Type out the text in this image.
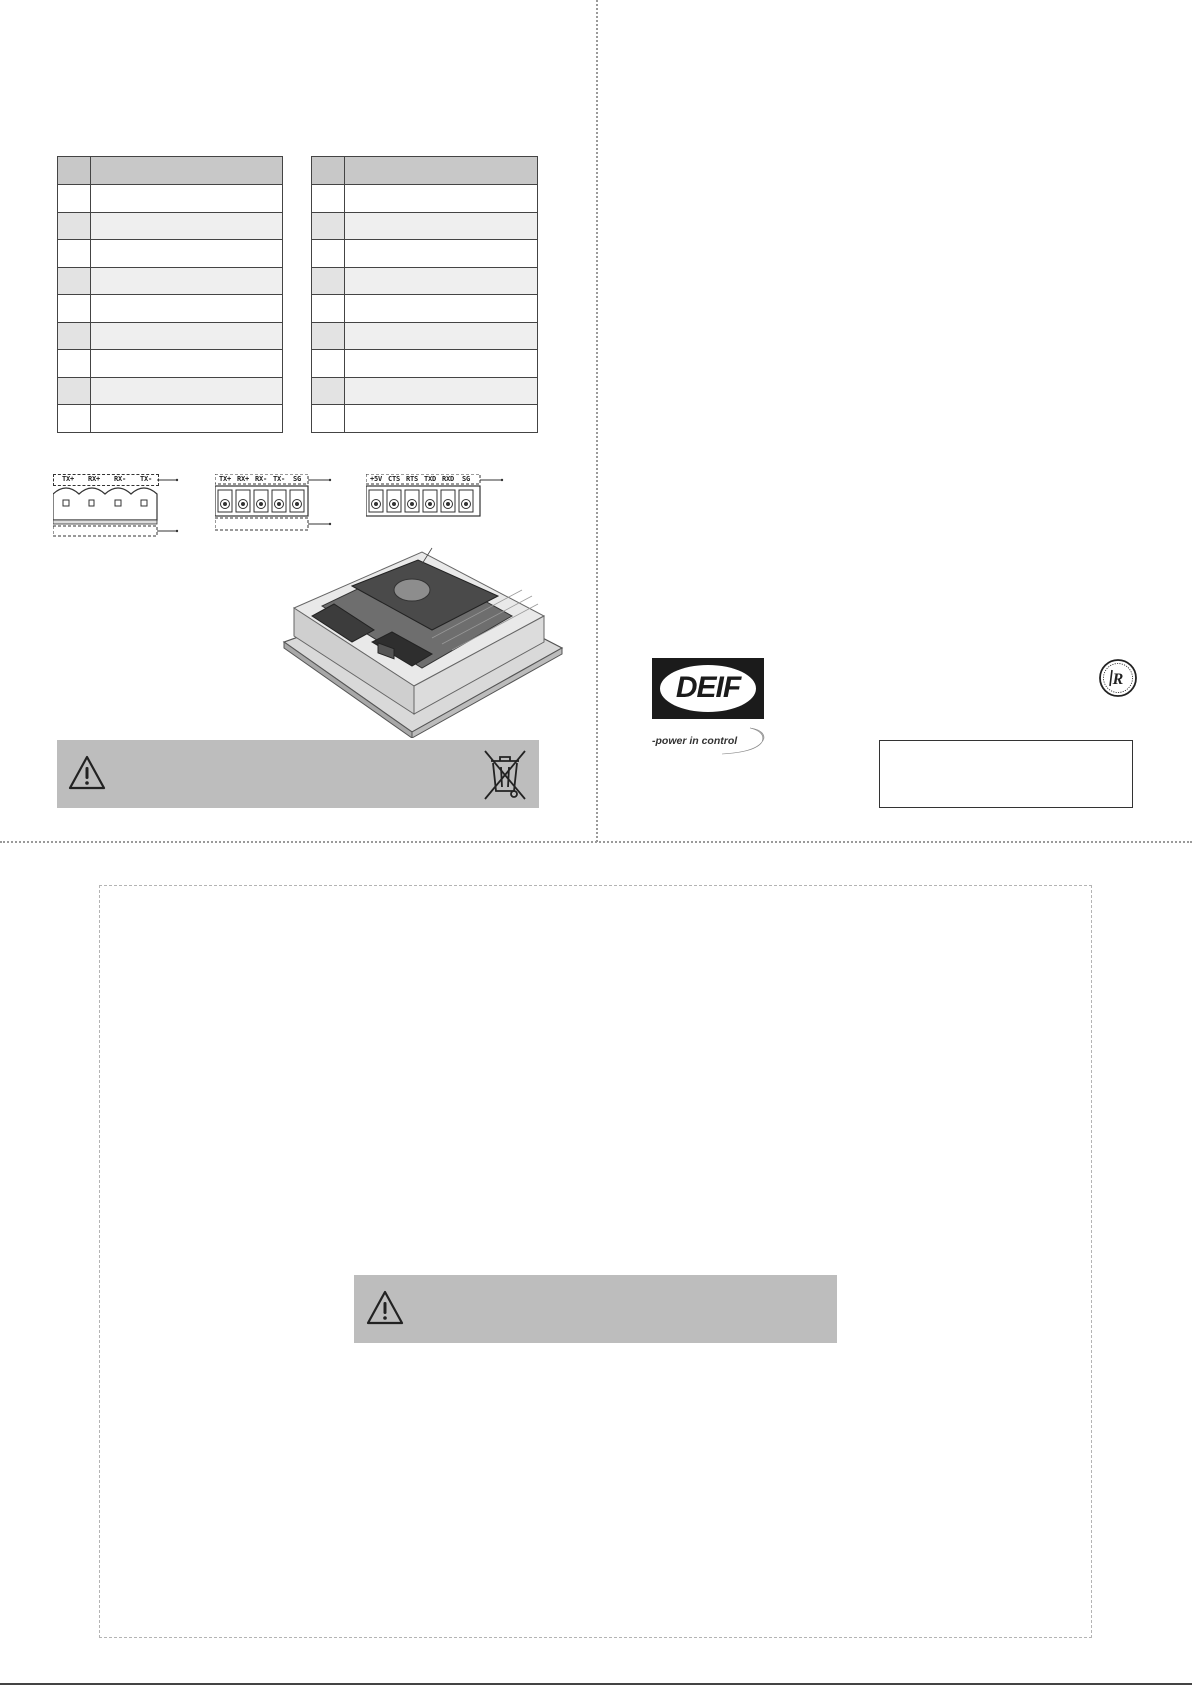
TX+	RX+	RX-	TX-	TX+ RX+ RX- TX-	SG	+5V CTS RTS TXD RXD	SG
DEIF
-power in control
R
